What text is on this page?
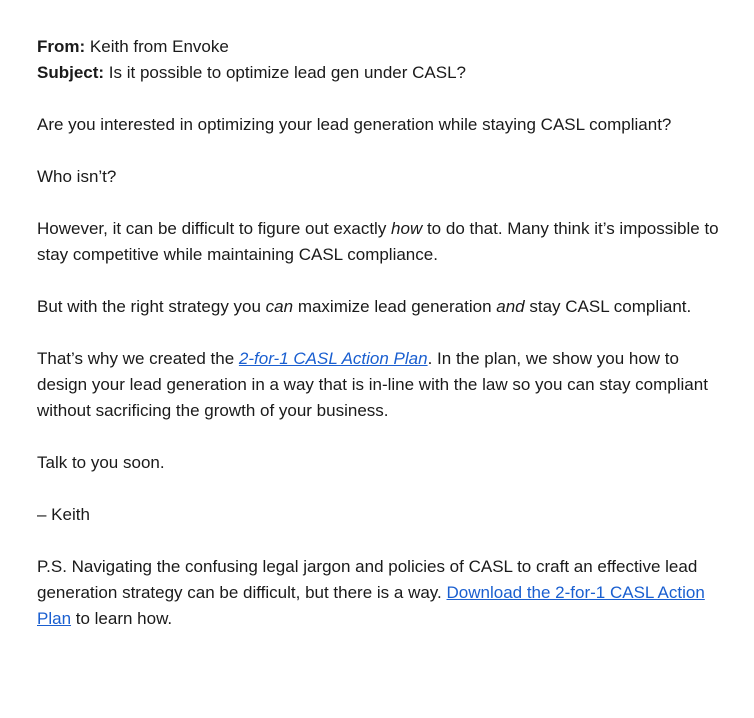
From: Keith from Envoke

Subject: Is it possible to optimize lead gen under CASL?

Are you interested in optimizing your lead generation while staying CASL compliant?

Who isn’t?

However, it can be difficult to figure out exactly how to do that. Many think it’s impossible to stay competitive while maintaining CASL compliance.

But with the right strategy you can maximize lead generation and stay CASL compliant.

That’s why we created the 2-for-1 CASL Action Plan. In the plan, we show you how to design your lead generation in a way that is in-line with the law so you can stay compliant without sacrificing the growth of your business.

Talk to you soon.

– Keith

P.S. Navigating the confusing legal jargon and policies of CASL to craft an effective lead generation strategy can be difficult, but there is a way. Download the 2-for-1 CASL Action Plan to learn how.
